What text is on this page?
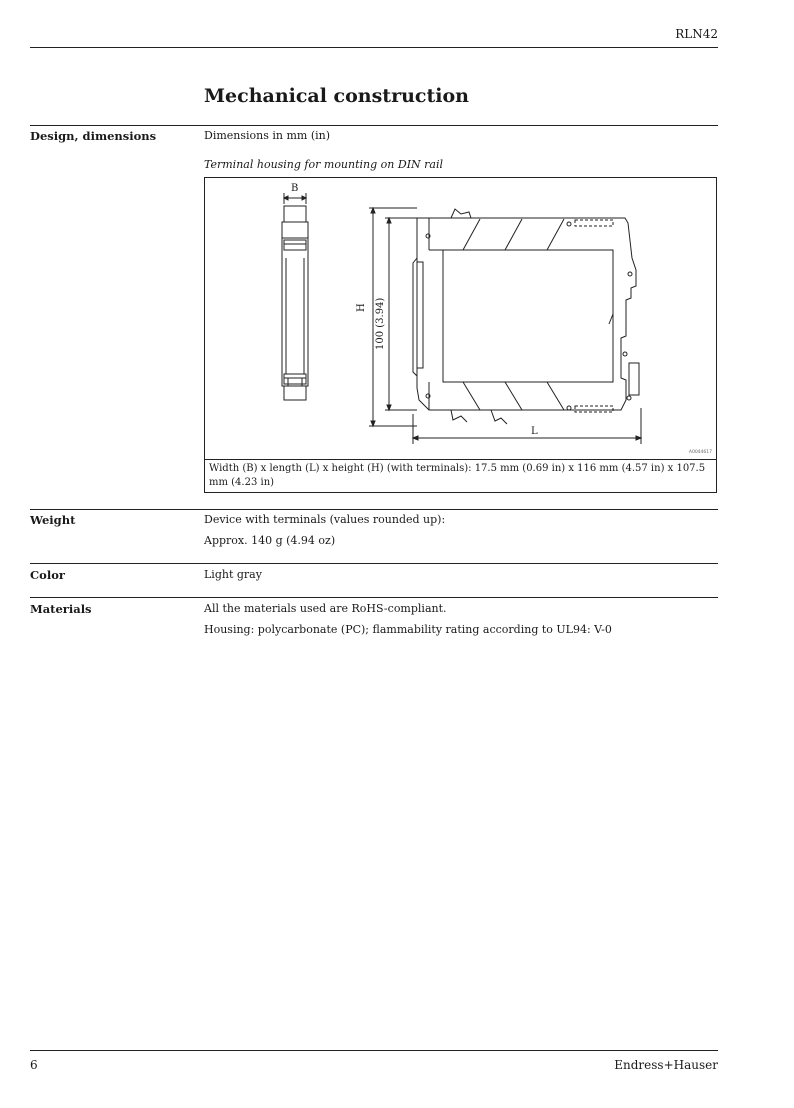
RLN42
Mechanical construction
Design, dimensions	Dimensions in mm (in)
Terminal housing for mounting on DIN rail
B
H 100 (3.94)
L
A0044617
Width (B) x length (L) x height (H) (with terminals): 17.5 mm (0.69 in) x 116 mm (4.57 in) x 107.5 mm (4.23 in)
Weight	Device with terminals (values rounded up):
Approx. 140 g (4.94 oz)
Color	Light gray
Materials	All the materials used are RoHS-compliant.
Housing: polycarbonate (PC); flammability rating according to UL94: V-0
6	Endress+Hauser
